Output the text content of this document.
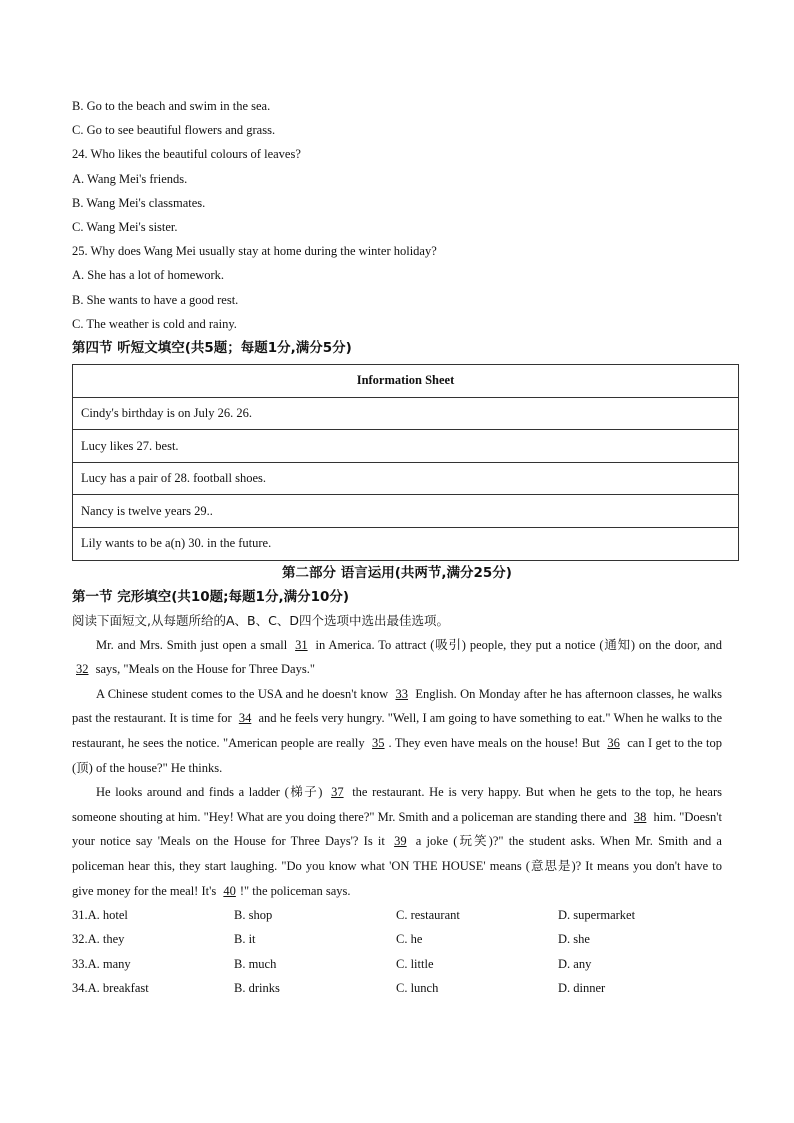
B. Go to the beach and swim in the sea.
C. Go to see beautiful flowers and grass.
24. Who likes the beautiful colours of leaves?
A. Wang Mei's friends.
B. Wang Mei's classmates.
C. Wang Mei's sister.
25. Why does Wang Mei usually stay at home during the winter holiday?
A. She has a lot of homework.
B. She wants to have a good rest.
C. The weather is cold and rainy.
第四节 听短文填空(共5题；每题1分,满分5分)
Information Sheet
Cindy's birthday is on July 26. 26.
Lucy likes 27. best.
Lucy has a pair of 28. football shoes.
Nancy is twelve years 29..
Lily wants to be a(n) 30. in the future.
第二部分 语言运用(共两节,满分25分)
第一节 完形填空(共10题;每题1分,满分10分)
阅读下面短文,从每题所给的A、B、C、D四个选项中选出最佳选项。

Mr. and Mrs. Smith just open a small 31 in America. To attract (吸引) people, they put a notice (通知) on the door, and 32 says, "Meals on the House for Three Days."

A Chinese student comes to the USA and he doesn't know 33 English. On Monday after he has afternoon classes, he walks past the restaurant. It is time for 34 and he feels very hungry. "Well, I am going to have something to eat." When he walks to the restaurant, he sees the notice. "American people are really 35 . They even have meals on the house! But 36 can I get to the top (顶) of the house?" He thinks.

He looks around and finds a ladder (梯子) 37 the restaurant. He is very happy. But when he gets to the top, he hears someone shouting at him. "Hey! What are you doing there?" Mr. Smith and a policeman are standing there and 38 him. "Doesn't your notice say 'Meals on the House for Three Days'? Is it 39 a joke (玩笑)?" the student asks. When Mr. Smith and a policeman hear this, they start laughing. "Do you know what 'ON THE HOUSE' means (意思是)? It means you don't have to give money for the meal! It's 40 !" the policeman says.

31.A. hotel	B. shop	C. restaurant	D. supermarket
32.A. they	B. it	C. he	D. she
33.A. many	B. much	C. little	D. any
34.A. breakfast	B. drinks	C. lunch	D. dinner
